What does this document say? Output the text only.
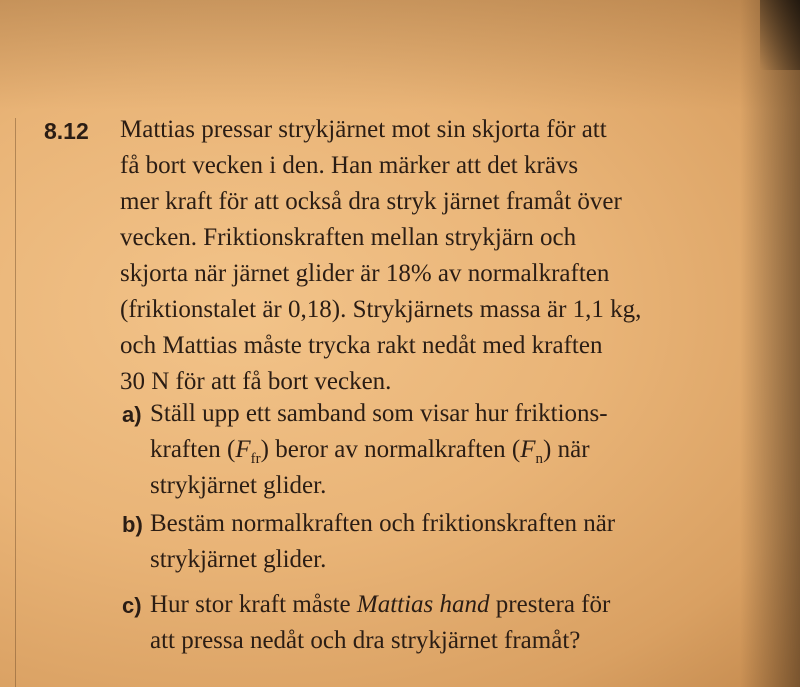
8.12 Mattias pressar strykjärnet mot sin skjorta för att
få bort vecken i den. Han märker att det krävs
mer kraft för att också dra stryk järnet framåt över
vecken. Friktionskraften mellan strykjärn och
skjorta när järnet glider är 18% av normalkraften
(friktionstalet är 0,18). Strykjärnets massa är 1,1 kg,
och Mattias måste trycka rakt nedåt med kraften
30 N för att få bort vecken.
a) Ställ upp ett samband som visar hur friktions-
kraften $(F_{fr})$ beror av normalkraften $(F_n)$ när
strykjärnet glider.
b) Bestäm normalkraften och friktionskraften när
strykjärnet glider.
c) Hur stor kraft måste Mattias hand prestera för
att pressa nedåt och dra strykjärnet framåt?
